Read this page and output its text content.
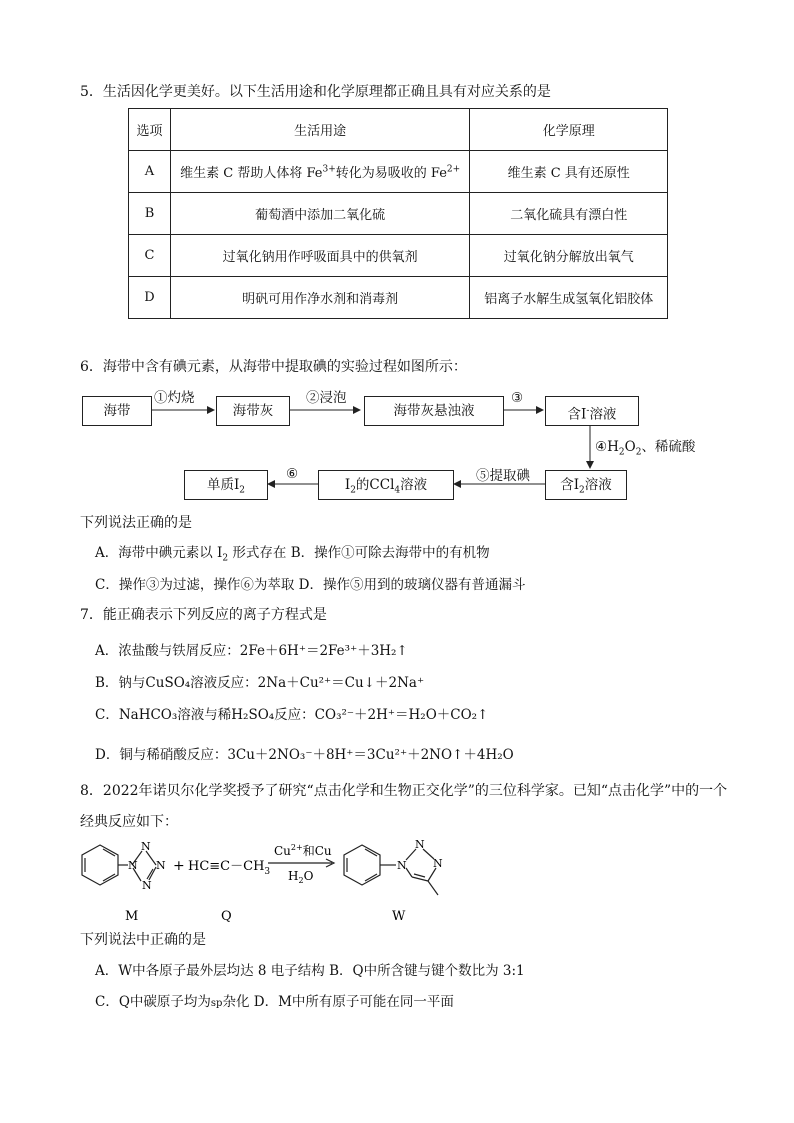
5．生活因化学更美好。以下生活用途和化学原理都正确且具有对应关系的是
选项	生活用途	化学原理
A	维生素 C 帮助人体将 $Fe^{3+}$转化为易吸收的 $Fe^{2+}$	维生素 C 具有还原性
B	葡萄酒中添加二氧化硫	二氧化硫具有漂白性
C	过氧化钠用作呼吸面具中的供氧剂	过氧化钠分解放出氧气
D	明矾可用作净水剂和消毒剂	铝离子水解生成氢氧化铝胶体
6．海带中含有碘元素，从海带中提取碘的实验过程如图所示：
海带
①灼烧
海带灰
②浸泡
海带灰悬浊液
③
含I-溶液
$④H_2O_2$、稀硫酸
含$I_2$溶液
⑤提取碘
$I_2$的CCl$_4$溶液
⑥
单质$I_2$
下列说法正确的是
A．海带中碘元素以 $I_2$ 形式存在 B．操作①可除去海带中的有机物
C．操作③为过滤，操作⑥为萃取 D．操作⑤用到的玻璃仪器有普通漏斗
7．能正确表示下列反应的离子方程式是
A．浓盐酸与铁屑反应：2Fe＋6H⁺＝2Fe³⁺＋3H₂↑
B．钠与CuSO₄溶液反应：2Na＋Cu²⁺＝Cu↓＋2Na⁺
C．NaHCO₃溶液与稀H₂SO₄反应：CO₃²⁻＋2H⁺＝H₂O＋CO₂↑
D．铜与稀硝酸反应：3Cu＋2NO₃⁻＋8H⁺＝3Cu²⁺＋2NO↑＋4H₂O
8．2022年诺贝尔化学奖授予了研究“点击化学和生物正交化学”的三位科学家。已知“点击化学”中的一个
经典反应如下：
N
N
N
N
+ $HC\equiv C-CH_3$
$Cu^{2+}$和Cu
$H_2O$
N
N
N
M	Q	W
下列说法中正确的是
A．W中各原子最外层均达 8 电子结构 B．Q中所含键与键个数比为 3:1
C．Q中碳原子均为sp杂化 D．M中所有原子可能在同一平面
